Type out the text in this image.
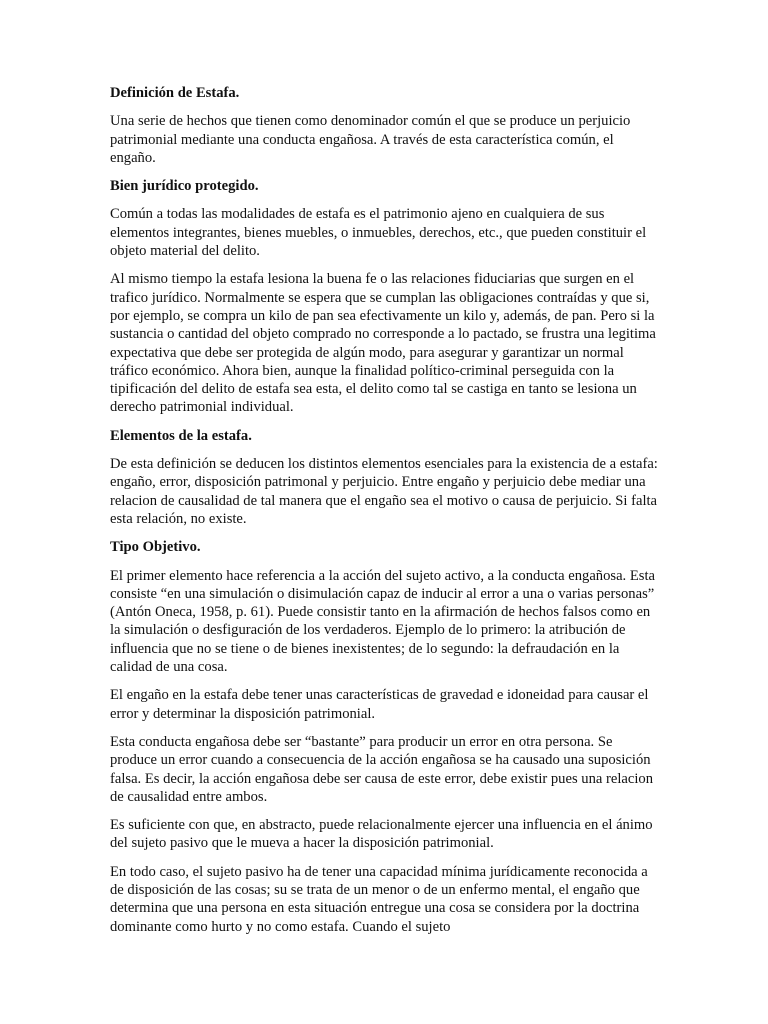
Definición de Estafa.

Una serie de hechos que tienen como denominador común el que se produce un perjuicio patrimonial mediante una conducta engañosa. A través de esta característica común, el engaño.

Bien jurídico protegido.

Común a todas las modalidades de estafa es el patrimonio ajeno en cualquiera de sus elementos integrantes, bienes muebles, o inmuebles, derechos, etc., que pueden constituir el objeto material del delito.

Al mismo tiempo la estafa lesiona la buena fe o las relaciones fiduciarias que surgen en el trafico jurídico. Normalmente se espera que se cumplan las obligaciones contraídas y que si, por ejemplo, se compra un kilo de pan sea efectivamente un kilo y, además, de pan. Pero si la sustancia o cantidad del objeto comprado no corresponde a lo pactado, se frustra una legitima expectativa que debe ser protegida de algún modo, para asegurar y garantizar un normal tráfico económico. Ahora bien, aunque la finalidad político-criminal perseguida con la tipificación del delito de estafa sea esta, el delito como tal se castiga en tanto se lesiona un derecho patrimonial individual.

Elementos de la estafa.

De esta definición se deducen los distintos elementos esenciales para la existencia de a estafa: engaño, error, disposición patrimonal y perjuicio. Entre engaño y perjuicio debe mediar una relacion de causalidad de tal manera que el engaño sea el motivo o causa de perjuicio. Si falta esta relación, no existe.

Tipo Objetivo.

El primer elemento hace referencia a la acción del sujeto activo, a la conducta engañosa. Esta consiste “en una simulación o disimulación capaz de inducir al error a una o varias personas” (Antón Oneca, 1958, p. 61). Puede consistir tanto en la afirmación de hechos falsos como en la simulación o desfiguración de los verdaderos. Ejemplo de lo primero: la atribución de influencia que no se tiene o de bienes inexistentes; de lo segundo: la defraudación en la calidad de una cosa.

El engaño en la estafa debe tener unas características de gravedad e idoneidad para causar el error y determinar la disposición patrimonial.

Esta conducta engañosa debe ser “bastante” para producir un error en otra persona. Se produce un error cuando a consecuencia de la acción engañosa se ha causado una suposición falsa. Es decir, la acción engañosa debe ser causa de este error, debe existir pues una relacion de causalidad entre ambos.

Es suficiente con que, en abstracto, puede relacionalmente ejercer una influencia en el ánimo del sujeto pasivo que le mueva a hacer la disposición patrimonial.

En todo caso, el sujeto pasivo ha de tener una capacidad mínima jurídicamente reconocida a de disposición de las cosas; su se trata de un menor o de un enfermo mental, el engaño que determina que una persona en esta situación entregue una cosa se considera por la doctrina dominante como hurto y no como estafa. Cuando el sujeto
